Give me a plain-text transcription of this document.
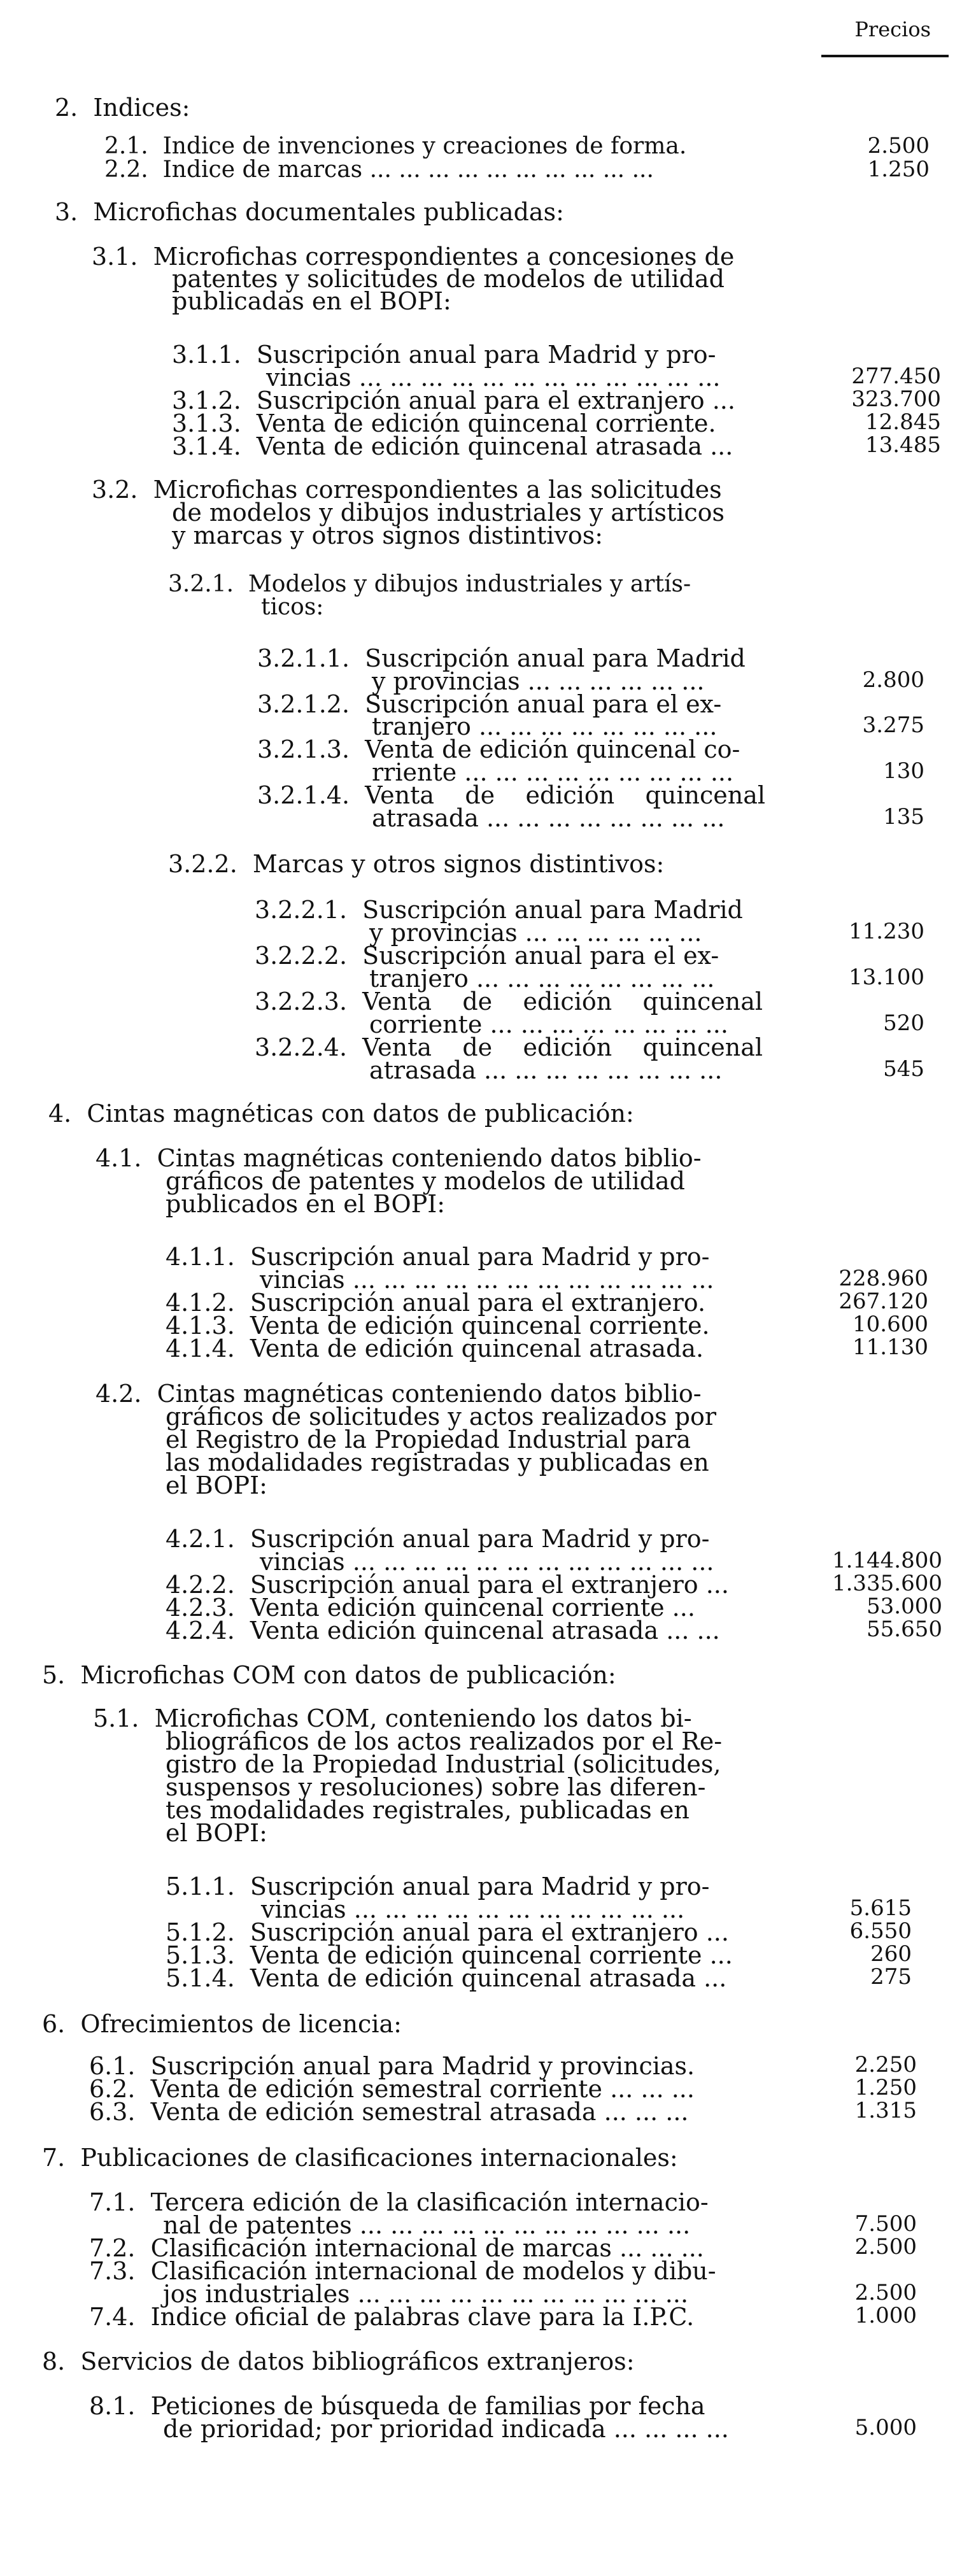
Precios
2.  Indices:
2.1.  Indice de invenciones y creaciones de forma.	2.500
2.2.  Indice de marcas ... ... ... ... ... ... ... ... ... ...	1.250
3.  Microfichas documentales publicadas:
3.1.  Microfichas correspondientes a concesiones de
patentes y solicitudes de modelos de utilidad
publicadas en el BOPI:
3.1.1.  Suscripción anual para Madrid y pro-
vincias ... ... ... ... ... ... ... ... ... ... ... ...	277.450
3.1.2.  Suscripción anual para el extranjero ...	323.700
3.1.3.  Venta de edición quincenal corriente.	12.845
3.1.4.  Venta de edición quincenal atrasada ...	13.485
3.2.  Microfichas correspondientes a las solicitudes
de modelos y dibujos industriales y artísticos
y marcas y otros signos distintivos:
3.2.1.  Modelos y dibujos industriales y artís-
ticos:
3.2.1.1.  Suscripción anual para Madrid
y provincias ... ... ... ... ... ...	2.800
3.2.1.2.  Suscripción anual para el ex-
tranjero ... ... ... ... ... ... ... ...	3.275
3.2.1.3.  Venta de edición quincenal co-
rriente ... ... ... ... ... ... ... ... ...	130
3.2.1.4.  Venta    de    edición    quincenal
atrasada ... ... ... ... ... ... ... ...	135
3.2.2.  Marcas y otros signos distintivos:
3.2.2.1.  Suscripción anual para Madrid
y provincias ... ... ... ... ... ...	11.230
3.2.2.2.  Suscripción anual para el ex-
tranjero ... ... ... ... ... ... ... ...	13.100
3.2.2.3.  Venta    de    edición    quincenal
corriente ... ... ... ... ... ... ... ...	520
3.2.2.4.  Venta    de    edición    quincenal
atrasada ... ... ... ... ... ... ... ...	545
4.  Cintas magnéticas con datos de publicación:
4.1.  Cintas magnéticas conteniendo datos biblio-
gráficos de patentes y modelos de utilidad
publicados en el BOPI:
4.1.1.  Suscripción anual para Madrid y pro-
vincias ... ... ... ... ... ... ... ... ... ... ... ...	228.960
4.1.2.  Suscripción anual para el extranjero.	267.120
4.1.3.  Venta de edición quincenal corriente.	10.600
4.1.4.  Venta de edición quincenal atrasada.	11.130
4.2.  Cintas magnéticas conteniendo datos biblio-
gráficos de solicitudes y actos realizados por
el Registro de la Propiedad Industrial para
las modalidades registradas y publicadas en
el BOPI:
4.2.1.  Suscripción anual para Madrid y pro-
vincias ... ... ... ... ... ... ... ... ... ... ... ...	1.144.800
4.2.2.  Suscripción anual para el extranjero ...	1.335.600
4.2.3.  Venta edición quincenal corriente ...	53.000
4.2.4.  Venta edición quincenal atrasada ... ...	55.650
5.  Microfichas COM con datos de publicación:
5.1.  Microfichas COM, conteniendo los datos bi-
bliográficos de los actos realizados por el Re-
gistro de la Propiedad Industrial (solicitudes,
suspensos y resoluciones) sobre las diferen-
tes modalidades registrales, publicadas en
el BOPI:
5.1.1.  Suscripción anual para Madrid y pro-
vincias ... ... ... ... ... ... ... ... ... ... ...	5.615
5.1.2.  Suscripción anual para el extranjero ...	6.550
5.1.3.  Venta de edición quincenal corriente ...	260
5.1.4.  Venta de edición quincenal atrasada ...	275
6.  Ofrecimientos de licencia:
6.1.  Suscripción anual para Madrid y provincias.	2.250
6.2.  Venta de edición semestral corriente ... ... ...	1.250
6.3.  Venta de edición semestral atrasada ... ... ...	1.315
7.  Publicaciones de clasificaciones internacionales:
7.1.  Tercera edición de la clasificación internacio-
nal de patentes ... ... ... ... ... ... ... ... ... ... ...	7.500
7.2.  Clasificación internacional de marcas ... ... ...	2.500
7.3.  Clasificación internacional de modelos y dibu-
jos industriales ... ... ... ... ... ... ... ... ... ... ...	2.500
7.4.  Indice oficial de palabras clave para la I.P.C.	1.000
8.  Servicios de datos bibliográficos extranjeros:
8.1.  Peticiones de búsqueda de familias por fecha
de prioridad; por prioridad indicada ... ... ... ...	5.000
